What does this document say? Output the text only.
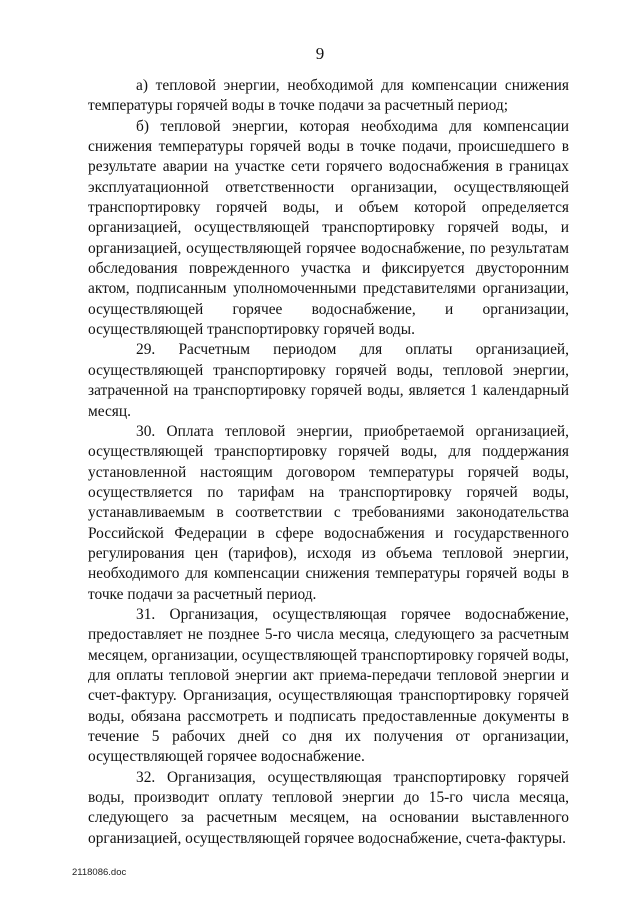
9

а) тепловой энергии, необходимой для компенсации снижения температуры горячей воды в точке подачи за расчетный период;

б) тепловой энергии, которая необходима для компенсации снижения температуры горячей воды в точке подачи, происшедшего в результате аварии на участке сети горячего водоснабжения в границах эксплуатационной ответственности организации, осуществляющей транспортировку горячей воды, и объем которой определяется организацией, осуществляющей транспортировку горячей воды, и организацией, осуществляющей горячее водоснабжение, по результатам обследования поврежденного участка и фиксируется двусторонним актом, подписанным уполномоченными представителями организации, осуществляющей горячее водоснабжение, и организации, осуществляющей транспортировку горячей воды.

29. Расчетным периодом для оплаты организацией, осуществляющей транспортировку горячей воды, тепловой энергии, затраченной на транспортировку горячей воды, является 1 календарный месяц.

30. Оплата тепловой энергии, приобретаемой организацией, осуществляющей транспортировку горячей воды, для поддержания установленной настоящим договором температуры горячей воды, осуществляется по тарифам на транспортировку горячей воды, устанавливаемым в соответствии с требованиями законодательства Российской Федерации в сфере водоснабжения и государственного регулирования цен (тарифов), исходя из объема тепловой энергии, необходимого для компенсации снижения температуры горячей воды в точке подачи за расчетный период.

31. Организация, осуществляющая горячее водоснабжение, предоставляет не позднее 5-го числа месяца, следующего за расчетным месяцем, организации, осуществляющей транспортировку горячей воды, для оплаты тепловой энергии акт приема-передачи тепловой энергии и счет-фактуру. Организация, осуществляющая транспортировку горячей воды, обязана рассмотреть и подписать предоставленные документы в течение 5 рабочих дней со дня их получения от организации, осуществляющей горячее водоснабжение.

32. Организация, осуществляющая транспортировку горячей воды, производит оплату тепловой энергии до 15-го числа месяца, следующего за расчетным месяцем, на основании выставленного организацией, осуществляющей горячее водоснабжение, счета-фактуры.

2118086.doc
